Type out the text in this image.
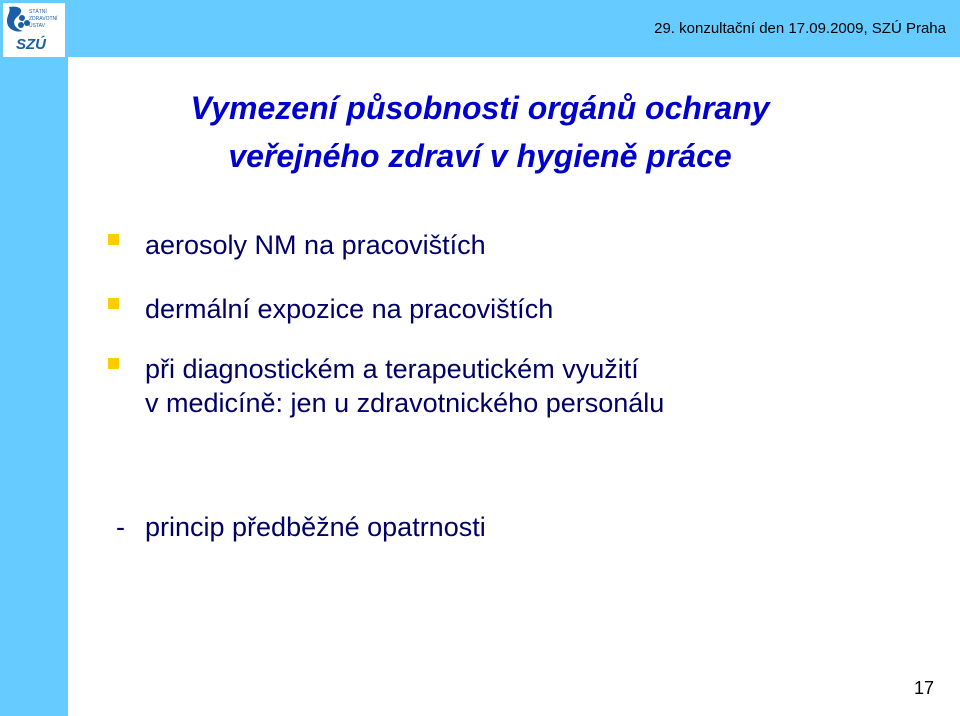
STÁTNÍ
ZDRAVOTNÍ
ÚSTAV
SZÚ
29. konzultační den 17.09.2009, SZÚ Praha
Vymezení působnosti orgánů ochrany
veřejného zdraví v hygieně práce
aerosoly NM na pracovištích
dermální expozice na pracovištích
při diagnostickém a terapeutickém využití
v medicíně: jen u zdravotnického personálu
- princip předběžné opatrnosti
17
